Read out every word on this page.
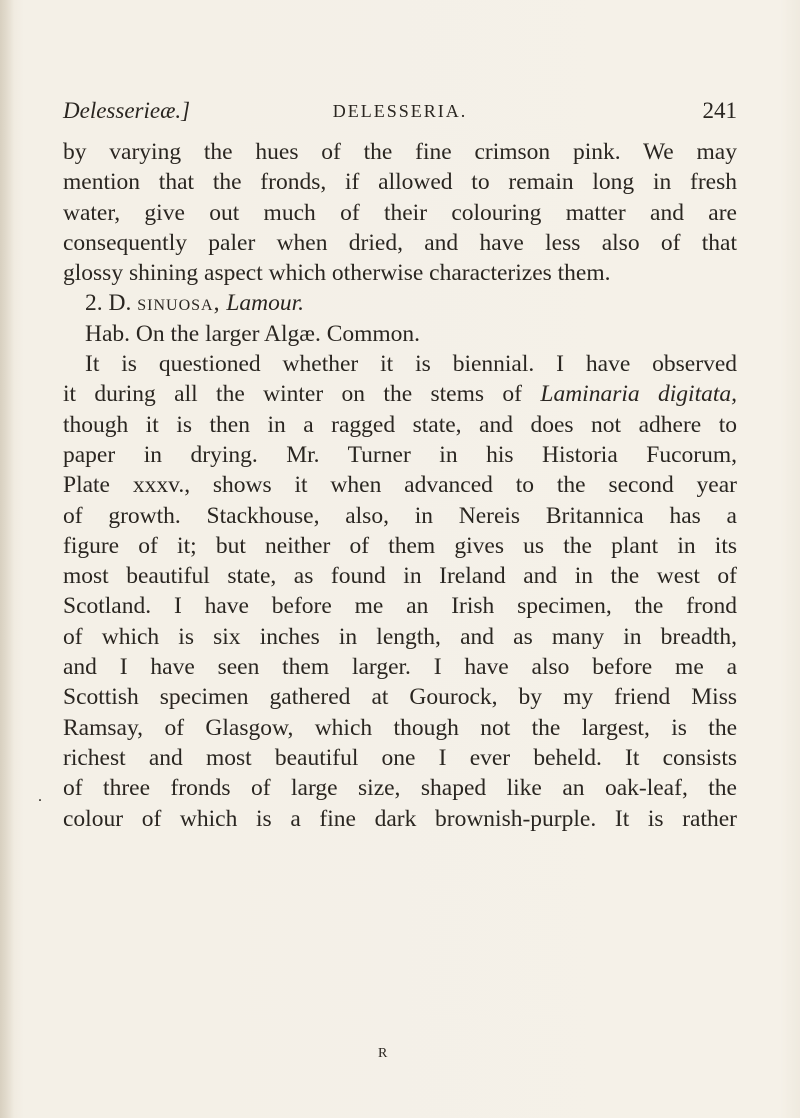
Delesserieæ.]	DELESSERIA.	241
by varying the hues of the fine crimson pink. We may
mention that the fronds, if allowed to remain long in fresh
water, give out much of their colouring matter and are
consequently paler when dried, and have less also of that
glossy shining aspect which otherwise characterizes them.
2. D. sinuosa, Lamour.
Hab. On the larger Algæ. Common.
It is questioned whether it is biennial. I have observed
it during all the winter on the stems of Laminaria digitata,
though it is then in a ragged state, and does not adhere to
paper in drying. Mr. Turner in his Historia Fucorum,
Plate xxxv., shows it when advanced to the second year
of growth. Stackhouse, also, in Nereis Britannica has a
figure of it; but neither of them gives us the plant in its
most beautiful state, as found in Ireland and in the west of
Scotland. I have before me an Irish specimen, the frond
of which is six inches in length, and as many in breadth,
and I have seen them larger. I have also before me a
Scottish specimen gathered at Gourock, by my friend Miss
Ramsay, of Glasgow, which though not the largest, is the
richest and most beautiful one I ever beheld. It consists
of three fronds of large size, shaped like an oak-leaf, the
colour of which is a fine dark brownish-purple. It is rather
.
R
